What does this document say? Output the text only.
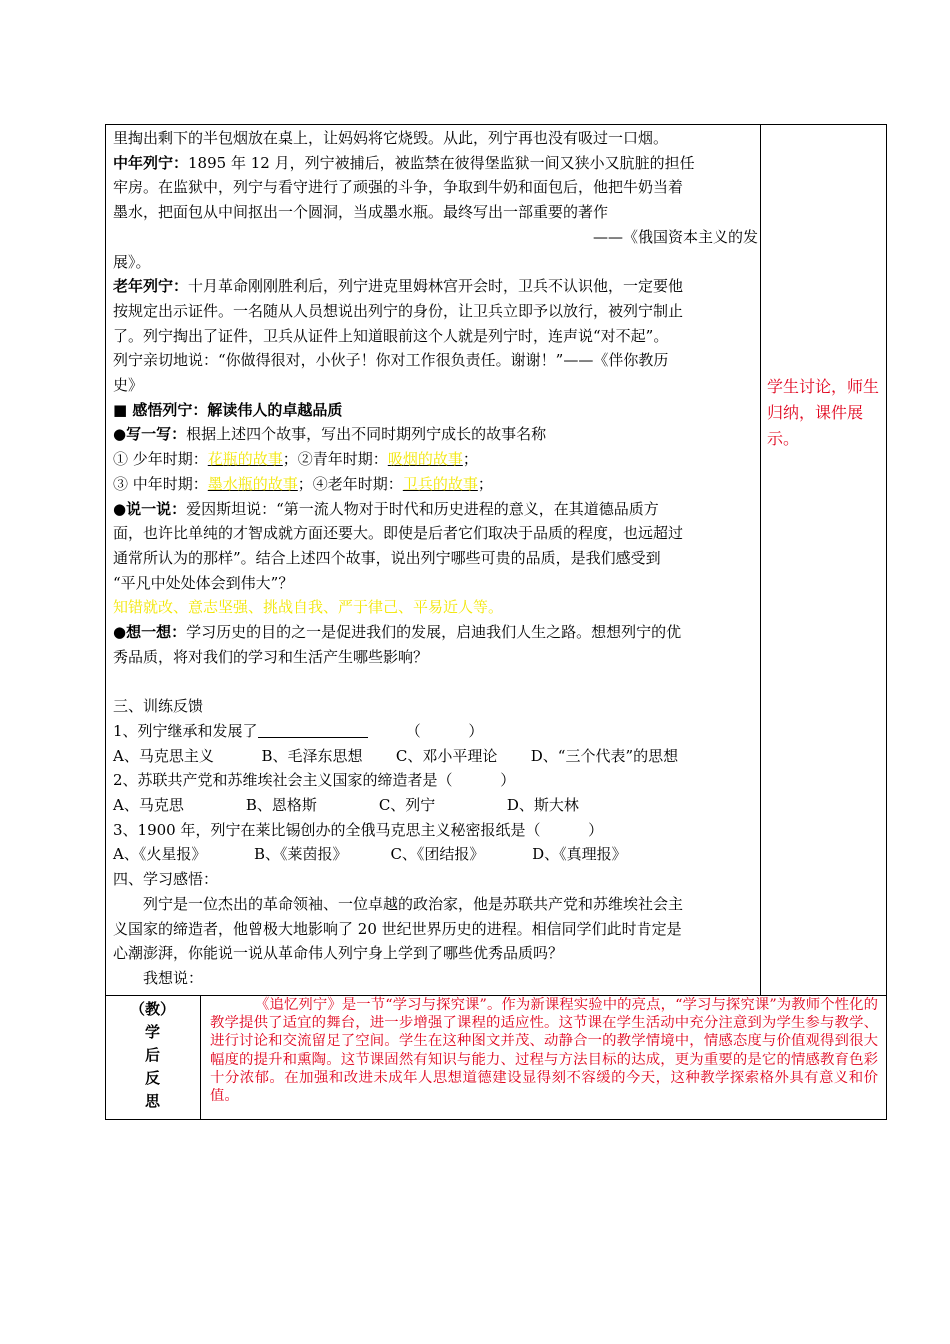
里掏出剩下的半包烟放在桌上，让妈妈将它烧毁。从此，列宁再也没有吸过一口烟。

中年列宁：1895 年 12 月，列宁被捕后，被监禁在彼得堡监狱一间又狭小又肮脏的担任

牢房。在监狱中，列宁与看守进行了顽强的斗争，争取到牛奶和面包后，他把牛奶当着

墨水，把面包从中间抠出一个圆洞，当成墨水瓶。最终写出一部重要的著作

——《俄国资本主义的发

展》。

老年列宁：十月革命刚刚胜利后，列宁进克里姆林宫开会时，卫兵不认识他，一定要他

按规定出示证件。一名随从人员想说出列宁的身份，让卫兵立即予以放行，被列宁制止

了。列宁掏出了证件，卫兵从证件上知道眼前这个人就是列宁时，连声说“对不起”。

列宁亲切地说：“你做得很对，小伙子！你对工作很负责任。谢谢！”——《伴你教历

史》

■ 感悟列宁：解读伟人的卓越品质

●写一写：根据上述四个故事，写出不同时期列宁成长的故事名称

① 少年时期：花瓶的故事；②青年时期：吸烟的故事；

③ 中年时期：墨水瓶的故事；④老年时期：卫兵的故事；

●说一说：爱因斯坦说：“第一流人物对于时代和历史进程的意义，在其道德品质方

面，也许比单纯的才智成就方面还要大。即使是后者它们取决于品质的程度，也远超过

通常所认为的那样”。结合上述四个故事，说出列宁哪些可贵的品质，是我们感受到

“平凡中处处体会到伟大”？

知错就改、意志坚强、挑战自我、严于律己、平易近人等。

●想一想：学习历史的目的之一是促进我们的发展，启迪我们人生之路。想想列宁的优

秀品质，将对我们的学习和生活产生哪些影响？

三、训练反馈

1、列宁继承和发展了	（          ）

A、马克思主义          B、毛泽东思想       C、邓小平理论       D、“三个代表”的思想

2、苏联共产党和苏维埃社会主义国家的缔造者是（          ）

A、马克思             B、恩格斯             C、列宁               D、斯大林

3、1900 年，列宁在莱比锡创办的全俄马克思主义秘密报纸是（          ）

A、《火星报》          B、《莱茵报》         C、《团结报》          D、《真理报》

四、学习感悟：

列宁是一位杰出的革命领袖、一位卓越的政治家，他是苏联共产党和苏维埃社会主

义国家的缔造者，他曾极大地影响了 20 世纪世界历史的进程。相信同学们此时肯定是

心潮澎湃，你能说一说从革命伟人列宁身上学到了哪些优秀品质吗？

我想说：

学生讨论，师生归纳，课件展示。
（教）
学
后
反
思
《追忆列宁》是一节“学习与探究课”。作为新课程实验中的亮点，“学习与探究课”为教师个性化的教学提供了适宜的舞台，进一步增强了课程的适应性。这节课在学生活动中充分注意到为学生参与教学、进行讨论和交流留足了空间。学生在这种图文并茂、动静合一的教学情境中，情感态度与价值观得到很大幅度的提升和熏陶。这节课固然有知识与能力、过程与方法目标的达成，更为重要的是它的情感教育色彩十分浓郁。在加强和改进未成年人思想道德建设显得刻不容缓的今天，这种教学探索格外具有意义和价值。
